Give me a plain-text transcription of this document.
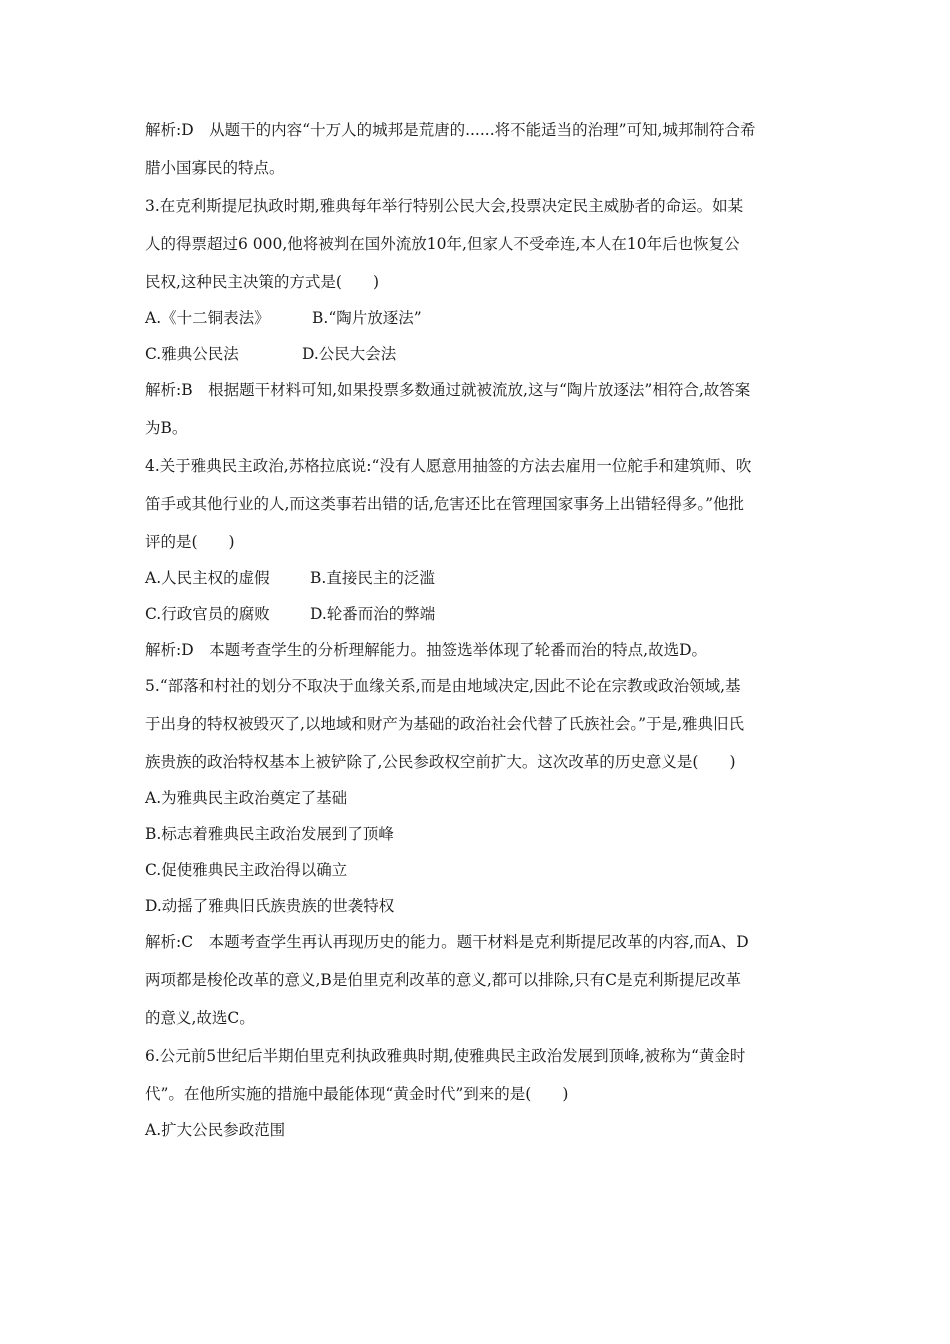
解析:D　从题干的内容“十万人的城邦是荒唐的......将不能适当的治理”可知,城邦制符合希
腊小国寡民的特点。
3.在克利斯提尼执政时期,雅典每年举行特别公民大会,投票决定民主威胁者的命运。如某
人的得票超过6 000,他将被判在国外流放10年,但家人不受牵连,本人在10年后也恢复公
民权,这种民主决策的方式是(　　)
A.《十二铜表法》	B.“陶片放逐法”
C.雅典公民法	D.公民大会法
解析:B　根据题干材料可知,如果投票多数通过就被流放,这与“陶片放逐法”相符合,故答案
为B。
4.关于雅典民主政治,苏格拉底说:“没有人愿意用抽签的方法去雇用一位舵手和建筑师、吹
笛手或其他行业的人,而这类事若出错的话,危害还比在管理国家事务上出错轻得多。”他批
评的是(　　)
A.人民主权的虚假	B.直接民主的泛滥
C.行政官员的腐败	D.轮番而治的弊端
解析:D　本题考查学生的分析理解能力。抽签选举体现了轮番而治的特点,故选D。
5.“部落和村社的划分不取决于血缘关系,而是由地域决定,因此不论在宗教或政治领域,基
于出身的特权被毁灭了,以地域和财产为基础的政治社会代替了氏族社会。”于是,雅典旧氏
族贵族的政治特权基本上被铲除了,公民参政权空前扩大。这次改革的历史意义是(　　)
A.为雅典民主政治奠定了基础
B.标志着雅典民主政治发展到了顶峰
C.促使雅典民主政治得以确立
D.动摇了雅典旧氏族贵族的世袭特权
解析:C　本题考查学生再认再现历史的能力。题干材料是克利斯提尼改革的内容,而A、D
两项都是梭伦改革的意义,B是伯里克利改革的意义,都可以排除,只有C是克利斯提尼改革
的意义,故选C。
6.公元前5世纪后半期伯里克利执政雅典时期,使雅典民主政治发展到顶峰,被称为“黄金时
代”。在他所实施的措施中最能体现“黄金时代”到来的是(　　)
A.扩大公民参政范围
